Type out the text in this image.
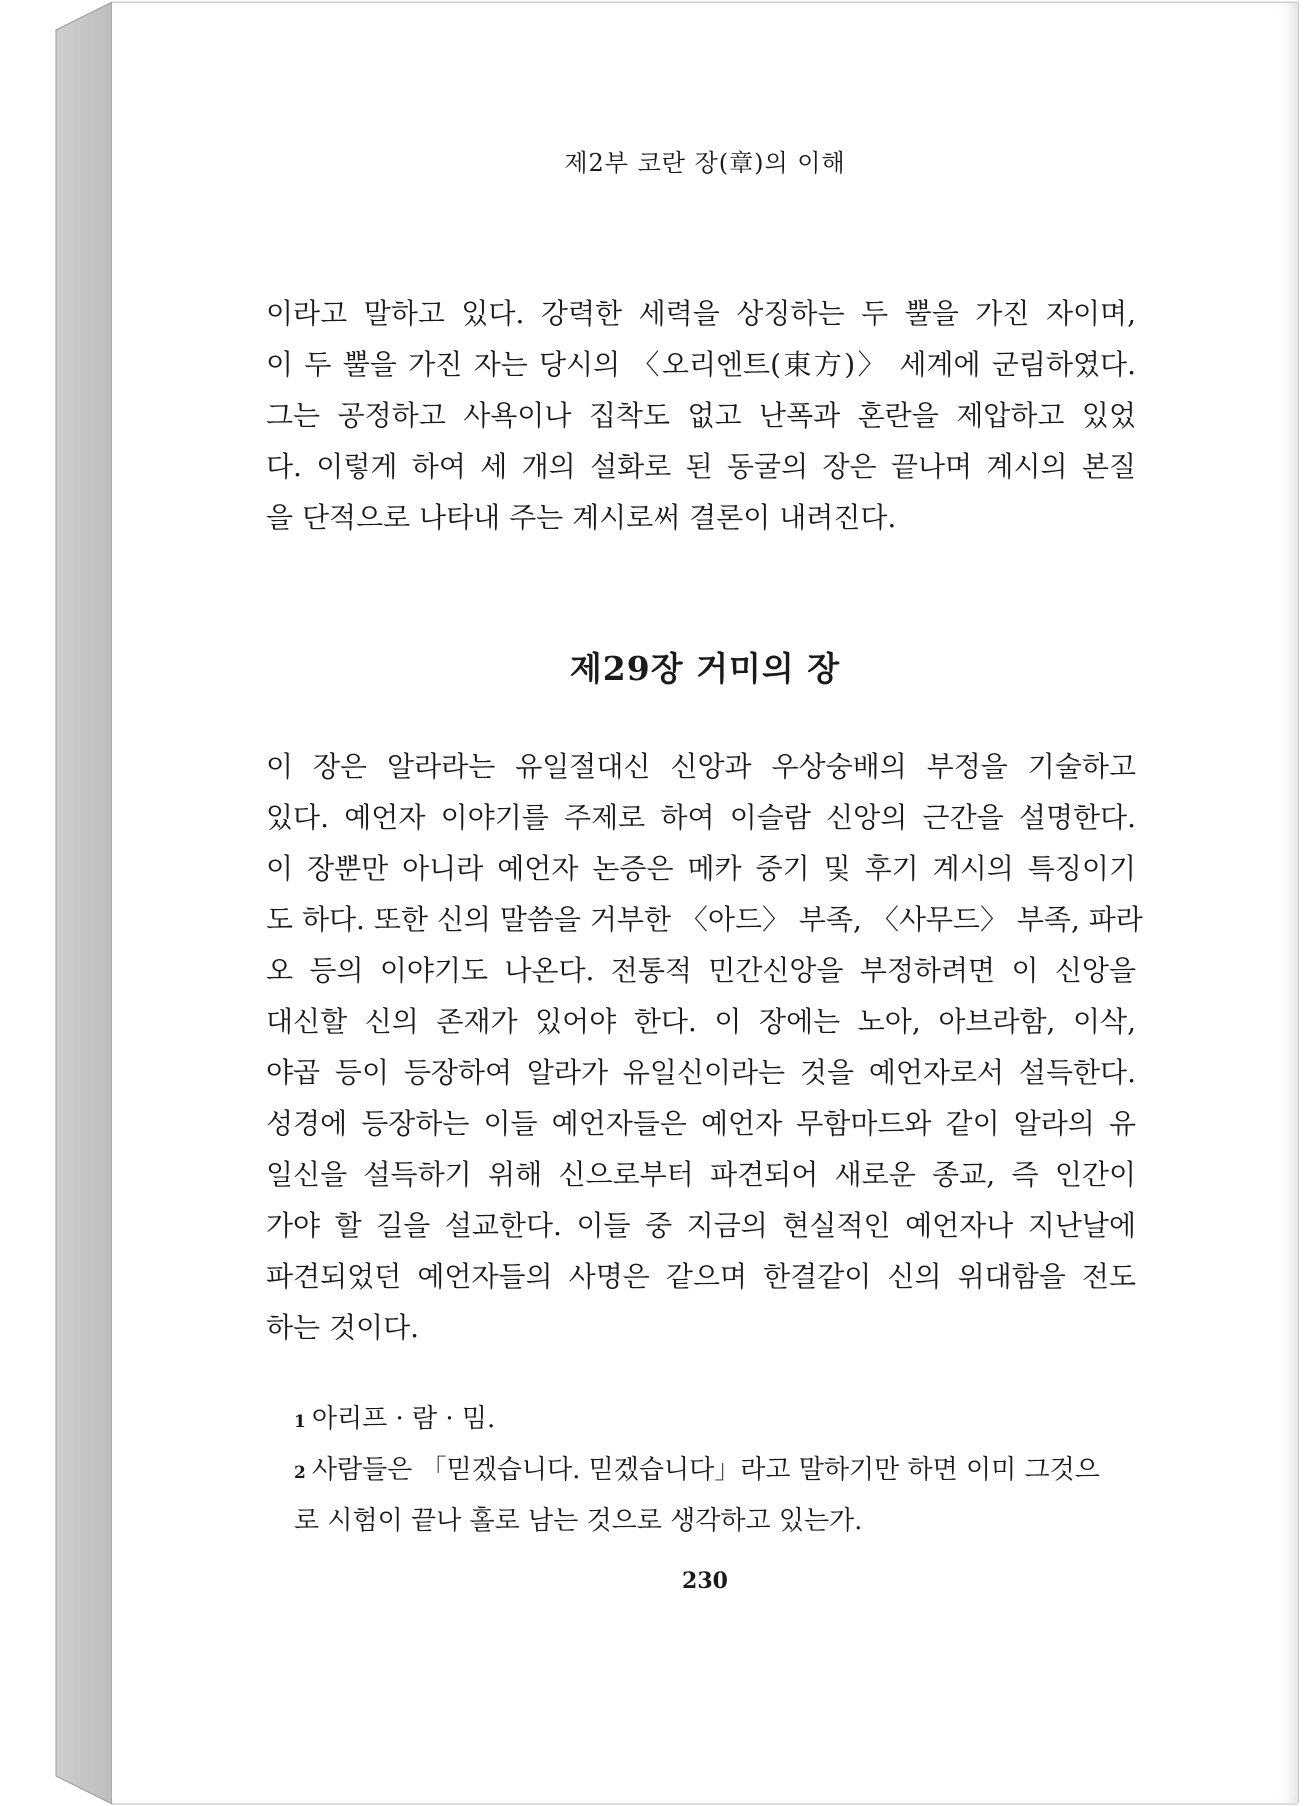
제2부 코란 장(章)의 이해
이라고 말하고 있다. 강력한 세력을 상징하는 두 뿔을 가진 자이며,
이 두 뿔을 가진 자는 당시의 〈오리엔트(東方)〉 세계에 군림하였다.
그는 공정하고 사욕이나 집착도 없고 난폭과 혼란을 제압하고 있었
다. 이렇게 하여 세 개의 설화로 된 동굴의 장은 끝나며 계시의 본질
을 단적으로 나타내 주는 계시로써 결론이 내려진다.
제29장 거미의 장
이 장은 알라라는 유일절대신 신앙과 우상숭배의 부정을 기술하고
있다. 예언자 이야기를 주제로 하여 이슬람 신앙의 근간을 설명한다.
이 장뿐만 아니라 예언자 논증은 메카 중기 및 후기 계시의 특징이기
도 하다. 또한 신의 말씀을 거부한 〈아드〉 부족, 〈사무드〉 부족, 파라
오 등의 이야기도 나온다. 전통적 민간신앙을 부정하려면 이 신앙을
대신할 신의 존재가 있어야 한다. 이 장에는 노아, 아브라함, 이삭,
야곱 등이 등장하여 알라가 유일신이라는 것을 예언자로서 설득한다.
성경에 등장하는 이들 예언자들은 예언자 무함마드와 같이 알라의 유
일신을 설득하기 위해 신으로부터 파견되어 새로운 종교, 즉 인간이
가야 할 길을 설교한다. 이들 중 지금의 현실적인 예언자나 지난날에
파견되었던 예언자들의 사명은 같으며 한결같이 신의 위대함을 전도
하는 것이다.
1 아리프 · 람 · 밈.
2 사람들은 「믿겠습니다. 믿겠습니다」라고 말하기만 하면 이미 그것으
로 시험이 끝나 홀로 남는 것으로 생각하고 있는가.
230
